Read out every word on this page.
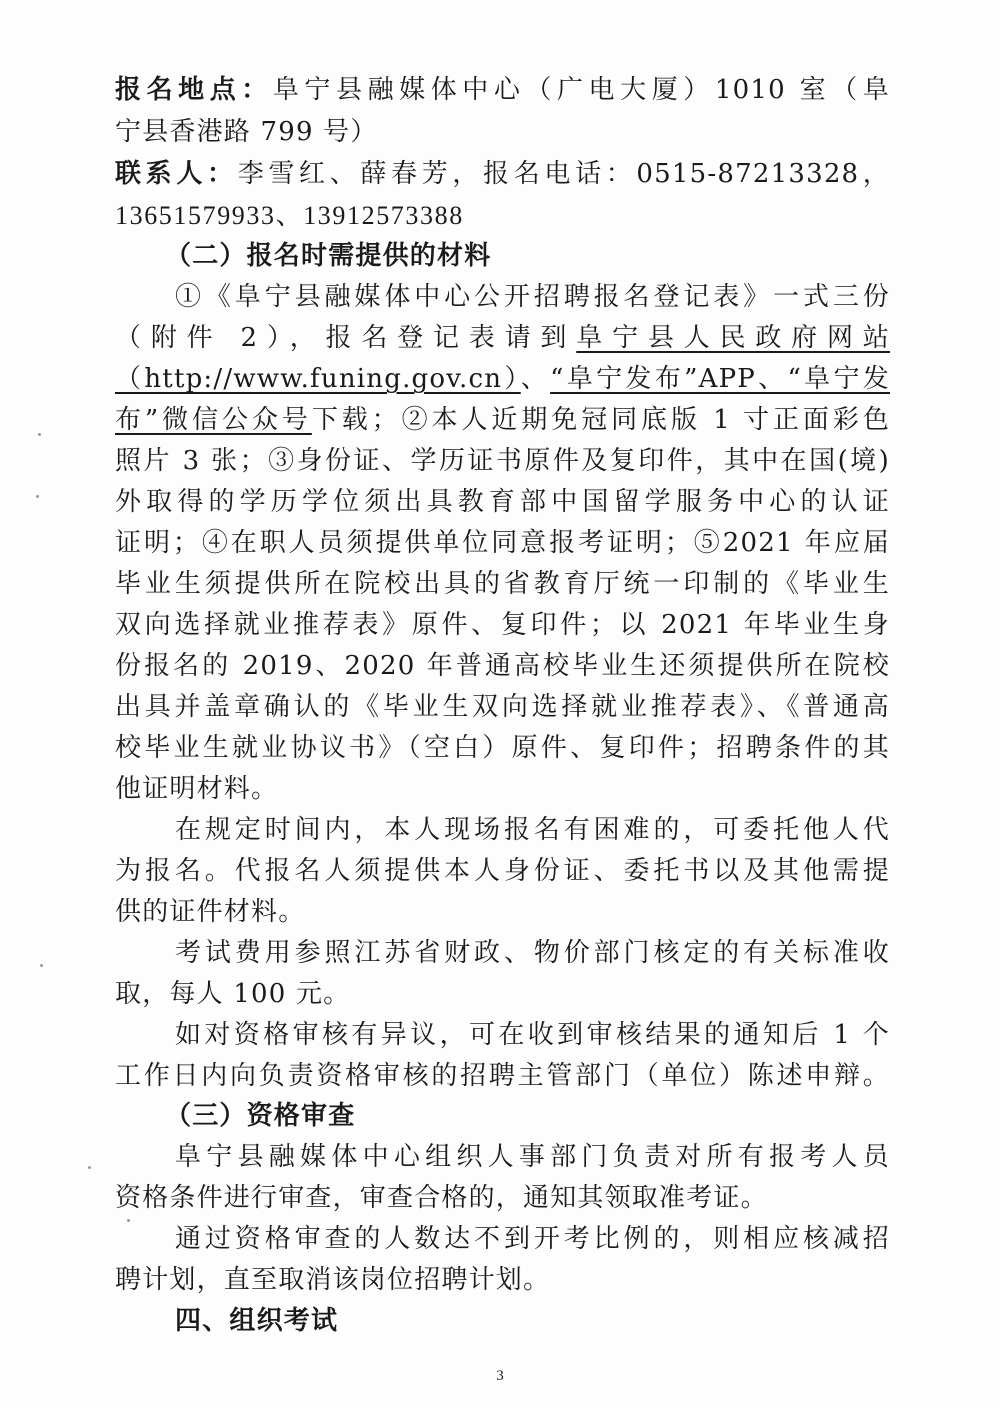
报名地点：阜宁县融媒体中心（广电大厦）1010 室（阜
宁县香港路 799 号）
联系人：李雪红、薛春芳，报名电话：0515-87213328，
13651579933、13912573388
（二）报名时需提供的材料
①《阜宁县融媒体中心公开招聘报名登记表》一式三份
（附件 2），报名登记表请到阜宁县人民政府网站
（http://www.funing.gov.cn）、“阜宁发布”APP、“阜宁发
布”微信公众号下载；②本人近期免冠同底版 1 寸正面彩色
照片 3 张；③身份证、学历证书原件及复印件，其中在国(境)
外取得的学历学位须出具教育部中国留学服务中心的认证
证明；④在职人员须提供单位同意报考证明；⑤2021 年应届
毕业生须提供所在院校出具的省教育厅统一印制的《毕业生
双向选择就业推荐表》原件、复印件；以 2021 年毕业生身
份报名的 2019、2020 年普通高校毕业生还须提供所在院校
出具并盖章确认的《毕业生双向选择就业推荐表》、《普通高
校毕业生就业协议书》（空白）原件、复印件；招聘条件的其
他证明材料。
在规定时间内，本人现场报名有困难的，可委托他人代
为报名。代报名人须提供本人身份证、委托书以及其他需提
供的证件材料。
考试费用参照江苏省财政、物价部门核定的有关标准收
取，每人 100 元。
如对资格审核有异议，可在收到审核结果的通知后 1 个
工作日内向负责资格审核的招聘主管部门（单位）陈述申辩。
（三）资格审查
阜宁县融媒体中心组织人事部门负责对所有报考人员
资格条件进行审查，审查合格的，通知其领取准考证。
通过资格审查的人数达不到开考比例的，则相应核减招
聘计划，直至取消该岗位招聘计划。
四、组织考试
3
